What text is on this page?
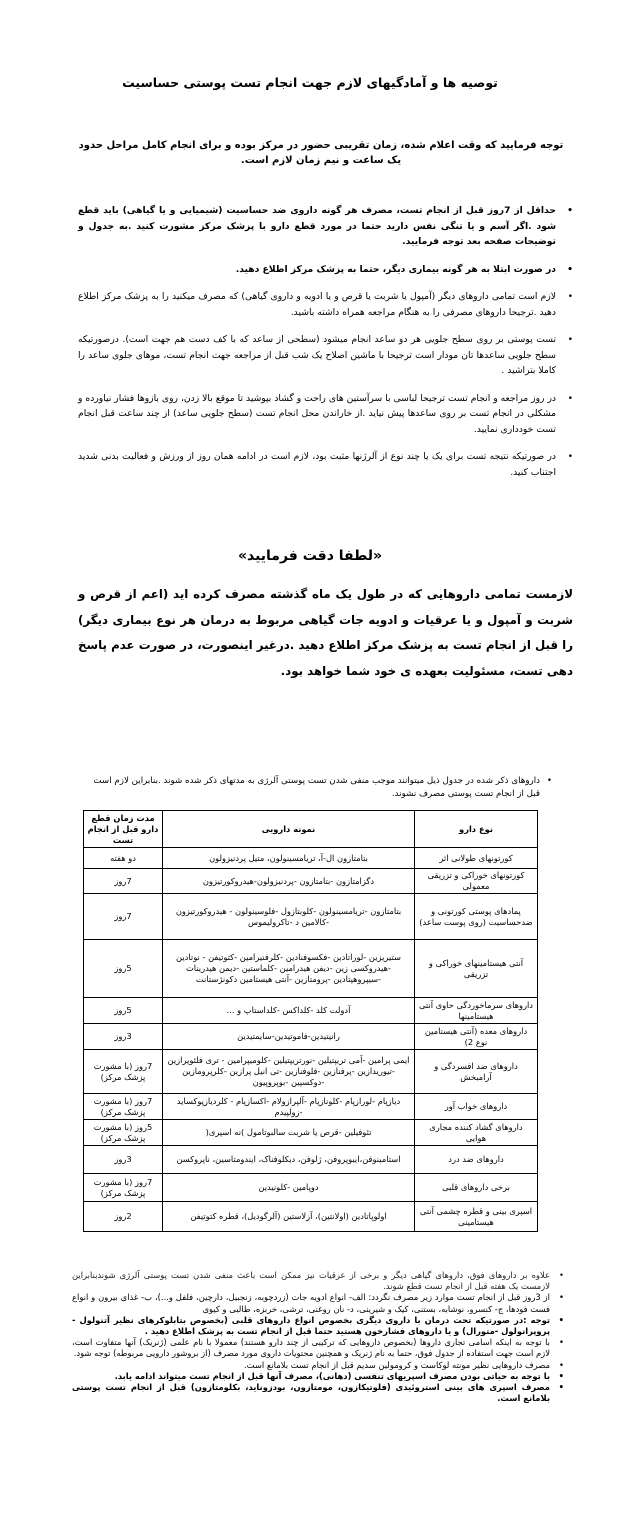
توصیه ها و آمادگیهای لازم جهت انجام تست پوستی حساسیت
توجه فرمایید که وقت اعلام شده، زمان تقریبی حضور در مرکز بوده و برای انجام کامل مراحل حدود یک ساعت و نیم زمان لازم است.
• حداقل از 7روز قبل از انجام تست، مصرف هر گونه داروی ضد حساسیت (شیمیایی و یا گیاهی) باید قطع شود .اگر آسم و یا تنگی نفس دارید حتما در مورد قطع دارو با پزشک مرکز مشورت کنید .به جدول و توضیحات صفحه بعد توجه فرمایید.
• در صورت ابتلا به هر گونه بیماری دیگر، حتما به پزشک مرکز اطلاع دهید.
• لازم است تمامی داروهای دیگر (آمپول یا شربت یا قرص و یا ادویه و داروی گیاهی) که مصرف میکنید را به پزشک مرکز اطلاع دهید .ترجیحا داروهای مصرفی را به هنگام مراجعه همراه داشته باشید.
• تست پوستی بر روی سطح جلویی هر دو ساعد انجام میشود (سطحی از ساعد که با کف دست هم جهت است). درصورتیکه سطح جلویی ساعدها تان مودار است ترجیحا با ماشین اصلاح یک شب قبل از مراجعه جهت انجام تست، موهای جلوی ساعد را کاملا بتراشید .
• در روز مراجعه و انجام تست ترجیحا لباسی با سرآستین های راحت و گشاد بپوشید تا موقع بالا زدن، روی بازوها فشار نیاورده و مشکلی در انجام تست بر روی ساعدها پیش نیاید .از خاراندن محل انجام تست (سطح جلویی ساعد) از چند ساعت قبل انجام تست خودداری نمایید.
• در صورتیکه نتیجه تست برای یک یا چند نوع از آلرژنها مثبت بود، لازم است در ادامه همان روز از ورزش و فعالیت بدنی شدید اجتناب کنید.
«لطفا دقت فرمایید»
لازمست تمامی داروهایی که در طول یک ماه گذشته مصرف کرده اید (اعم از قرص و شربت و آمپول و یا عرقیات و ادویه جات گیاهی مربوط به درمان هر نوع بیماری دیگر) را قبل از انجام تست به پزشک مرکز اطلاع دهید .درغیر اینصورت، در صورت عدم پاسخ دهی تست، مسئولیت بعهده ی خود شما خواهد بود.
•
داروهای ذکر شده در جدول ذیل میتوانند موجب منفی شدن تست پوستی آلرژی به مدتهای ذکر شده شوند .بنابراین لازم است قبل از انجام تست پوستی مصرف نشوند.
نوع دارو	نمونه دارویی	مدت زمان قطع دارو قبل از انجام تست
کورتونهای طولانی اثر	بتامتازون ال-آ، تریامسینولون، متیل پردنیزولون	دو هفته
کورتونهای خوراکی و تزریقی معمولی	دگزامتازون -بتامتازون -پردنیزولون-هیدروکورتیزون	7روز
پمادهای پوستی کورتونی و ضدحساسیت (روی پوست ساعد)	بتامتازون -تریامسینولون -کلوبتازول -فلوسینولون - هیدروکورتیزون -کالامین د -تاکرولیموس	7روز
آنتی هیستامینهای خوراکی و تزریقی	ستیریزین -لوراتادین -فکسوفنادین -کلرفنیرامین -کتوتیفن - نوتادین -هیدروکسی زین -دیفن هیدرامین -کلماستین -دیمن هیدرینات -سیپروهپتادین -پرومتازین -آنتی هیستامین دکونژستانت	5روز
داروهای سرماخوردگی حاوی آنتی هیستامینها	آدولت کلد -کلداکس -کلداستاپ و ...	5روز
داروهای معده (آنتی هیستامین نوع 2)	رانیتیدین-فاموتیدین-سایمتیدین	3روز
داروهای ضد افسردگی و آرامبخش	ایمی پرامین -آمی تریپتیلین -نورتریپتیلین -کلومیپرامین - تری فلئوپرازین -تیوریدازین -پرفنازین -فلوفنازین -تی انیل پرازین -کلرپرومازین -دوکسپین -بوپروپیون	7روز (با مشورت پزشک مرکز)
داروهای خواب آور	دیازپام -لورازپام -کلونازپام -آلپرازولام -اکسازپام - کلردیازپوکساید -زولپیدم	7روز (با مشورت پزشک مرکز)
داروهای گشاد کننده مجاری هوایی	تئوفیلین -قرص یا شربت سالبوتامول )نه اسپری(	5روز (با مشورت پزشک مرکز)
داروهای ضد درد	استامینوفن،ایبوپروفن، ژلوفن، دیکلوفناک، ایندومتاسین، ناپروکسن	3روز
برخی داروهای قلبی	دوپامین -کلونیدین	7روز (با مشورت پزشک مرکز)
اسپری بینی و قطره چشمی آنتی هیستامینی	اولوپاتادین (اولانتین)، آزلاستین (آلرگودیل)، قطره کتوتیفن	2روز
• علاوه بر داروهای فوق، داروهای گیاهی دیگر و برخی از عرقیات نیز ممکن است باعث منفی شدن تست پوستی آلرژی شوندبنابراین لازمست یک هفته قبل از انجام تست قطع شوند.
• از 3روز قبل از انجام تست موارد زیر مصرف نگردد: الف- انواع ادویه جات (زردچوبه، زنجبیل، دارچین، فلفل و...)، ب- غذای بیرون و انواع فست فودها، ج- کنسرو، نوشابه، بستنی، کیک و شیرینی، د- نان روغنی، ترشی، خربزه، طالبی و کیوی
• توجه :در صورتیکه تحت درمان با داروی دیگری بخصوص انواع داروهای قلبی (بخصوص بتابلوکرهای نظیر آتنولول - پروپرانولول -متورال) و یا داروهای فشارخون هستید حتما قبل از انجام تست به پزشک اطلاع دهید .
• با توجه به اینکه اسامی تجاری داروها (بخصوص داروهایی که ترکیبی از چند دارو هستند) معمولا با نام علمی (ژنریک) آنها متفاوت است، لازم است جهت استفاده از جدول فوق، حتما به نام ژنریک و همچنین محتویات داروی مورد مصرف (از بروشور دارویی مربوطه) توجه شود.
• مصرف داروهایی نظیر مونته لوکاست و کرومولین سدیم قبل از انجام تست بلامانع است.
• با توجه به حیاتی بودن مصرف اسپریهای تنفسی (دهانی)، مصرف آنها قبل از انجام تست میتواند ادامه یابد.
• مصرف اسپری های بینی استروئیدی (فلوتیکازون، مومتازون، بودزوناید، بکلومتازون) قبل از انجام تست پوستی بلامانع است.
